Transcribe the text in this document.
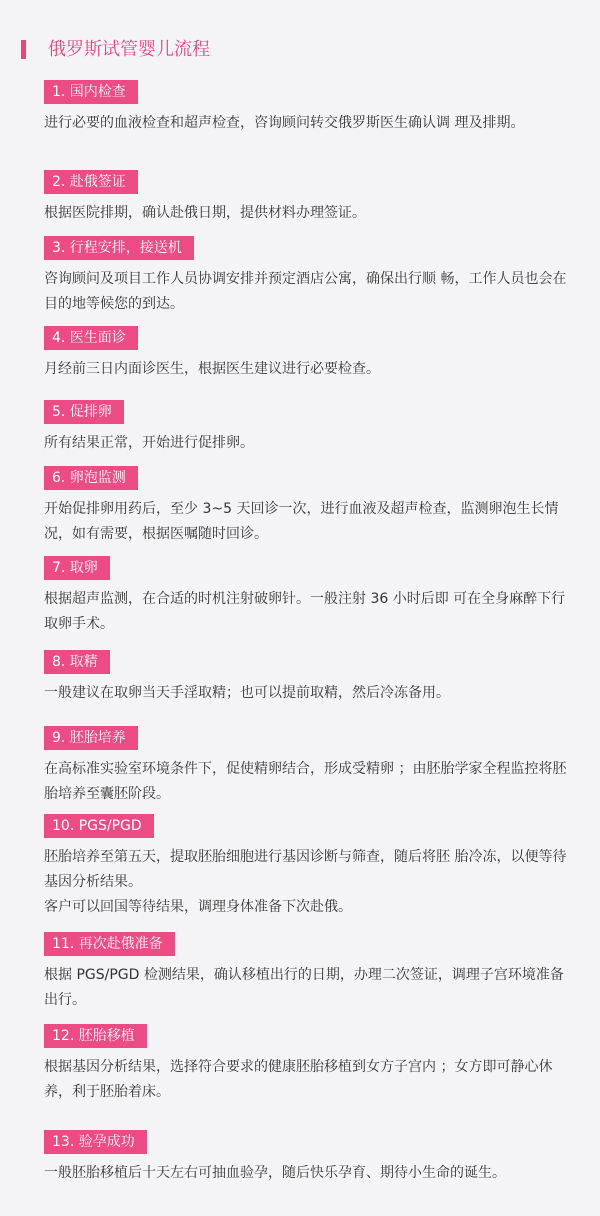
俄罗斯试管婴儿流程
1. 国内检查

进行必要的血液检查和超声检查，咨询顾问转交俄罗斯医生确认调 理及排期。

2. 赴俄签证

根据医院排期，确认赴俄日期，提供材料办理签证。

3. 行程安排，接送机

咨询顾问及项目工作人员协调安排并预定酒店公寓，确保出行顺 畅，工作人员也会在目的地等候您的到达。

4. 医生面诊

月经前三日内面诊医生，根据医生建议进行必要检查。

5. 促排卵

所有结果正常，开始进行促排卵。

6. 卵泡监测

开始促排卵用药后，至少 3~5 天回诊一次，进行血液及超声检查，监测卵泡生长情况，如有需要，根据医嘱随时回诊。

7. 取卵

根据超声监测，在合适的时机注射破卵针。一般注射 36 小时后即 可在全身麻醉下行取卵手术。

8. 取精

一般建议在取卵当天手淫取精；也可以提前取精，然后冷冻备用。

9. 胚胎培养

在高标准实验室环境条件下，促使精卵结合，形成受精卵 ；由胚胎学家全程监控将胚胎培养至囊胚阶段。

10. PGS/PGD

胚胎培养至第五天，提取胚胎细胞进行基因诊断与筛查，随后将胚 胎冷冻，以便等待基因分析结果。

客户可以回国等待结果，调理身体准备下次赴俄。

11. 再次赴俄准备

根据 PGS/PGD 检测结果，确认移植出行的日期，办理二次签证，调理子宫环境准备出行。

12. 胚胎移植

根据基因分析结果，选择符合要求的健康胚胎移植到女方子宫内 ；女方即可静心休养，利于胚胎着床。

13. 验孕成功

一般胚胎移植后十天左右可抽血验孕，随后快乐孕育、期待小生命的诞生。
